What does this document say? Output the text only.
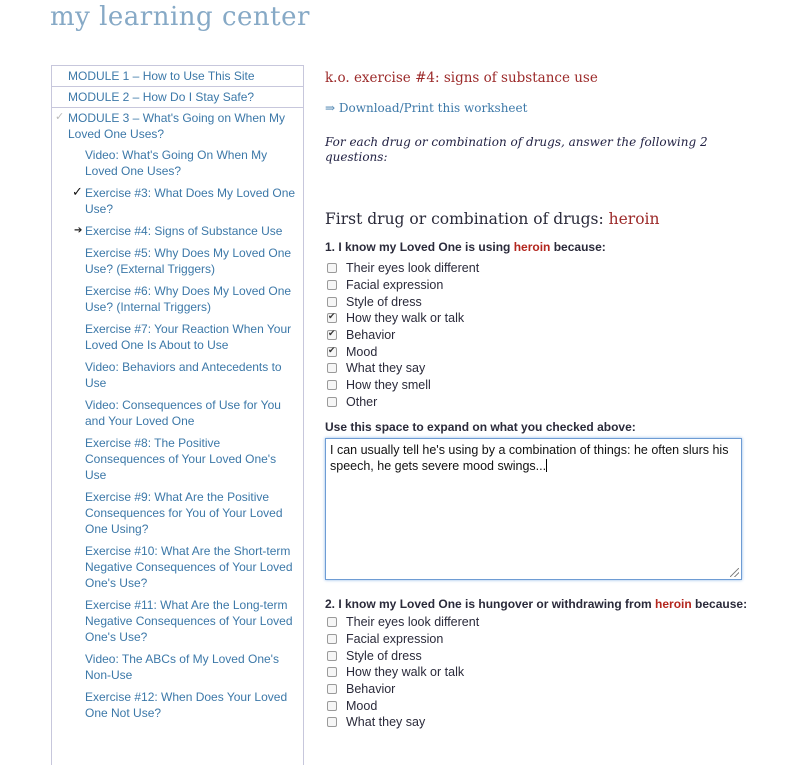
my learning center
MODULE 1 – How to Use This Site
MODULE 2 – How Do I Stay Safe?
✓ MODULE 3 – What's Going on When My Loved One Uses?
Video: What's Going On When My Loved One Uses?
✓ Exercise #3: What Does My Loved One Use?
➔ Exercise #4: Signs of Substance Use
Exercise #5: Why Does My Loved One Use? (External Triggers)
Exercise #6: Why Does My Loved One Use? (Internal Triggers)
Exercise #7: Your Reaction When Your Loved One Is About to Use
Video: Behaviors and Antecedents to Use
Video: Consequences of Use for You and Your Loved One
Exercise #8: The Positive Consequences of Your Loved One's Use
Exercise #9: What Are the Positive Consequences for You of Your Loved One Using?
Exercise #10: What Are the Short-term Negative Consequences of Your Loved One's Use?
Exercise #11: What Are the Long-term Negative Consequences of Your Loved One's Use?
Video: The ABCs of My Loved One's Non-Use
Exercise #12: When Does Your Loved One Not Use?
k.o. exercise #4: signs of substance use
⇒ Download/Print this worksheet

For each drug or combination of drugs, answer the following 2 questions:

First drug or combination of drugs: heroin

1. I know my Loved One is using heroin because:

Their eyes look different
Facial expression
Style of dress
✔
How they walk or talk
✔
Behavior
✔
Mood
What they say
How they smell
Other
Use this space to expand on what you checked above:
I can usually tell he's using by a combination of things: he often slurs his speech, he gets severe mood swings...

2. I know my Loved One is hungover or withdrawing from heroin because:

Their eyes look different
Facial expression
Style of dress
How they walk or talk
Behavior
Mood
What they say
